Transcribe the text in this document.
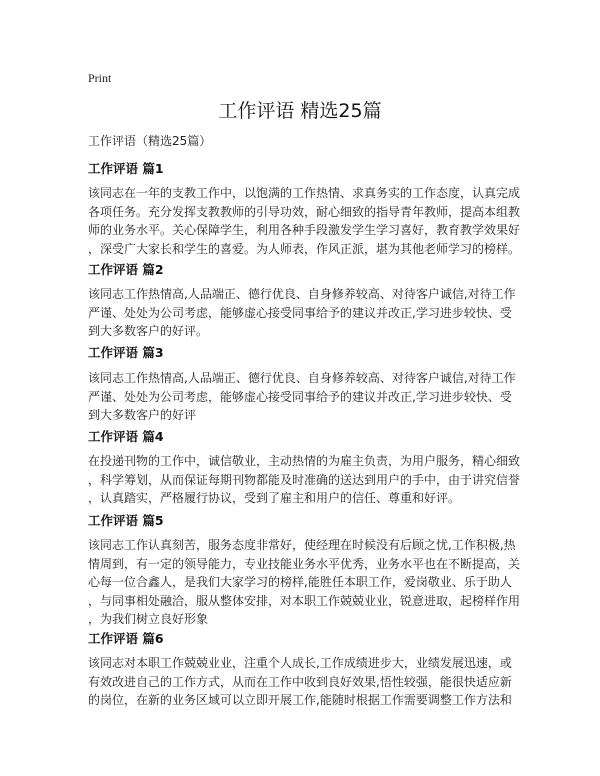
Print
工作评语 精选25篇
工作评语（精选25篇）
工作评语 篇1
该同志在一年的支教工作中，以饱满的工作热情、求真务实的工作态度，认真完成
各项任务。充分发挥支教教师的引导功效，耐心细致的指导青年教师，提高本组教
师的业务水平。关心保障学生，利用各种手段激发学生学习喜好，教育教学效果好
，深受广大家长和学生的喜爱。为人师表，作风正派，堪为其他老师学习的榜样。
工作评语 篇2
该同志工作热情高,人品端正、德行优良、自身修养较高、对待客户诚信,对待工作
严谨、处处为公司考虑，能够虚心接受同事给予的建议并改正,学习进步较快、受
到大多数客户的好评。
工作评语 篇3
该同志工作热情高,人品端正、德行优良、自身修养较高、对待客户诚信,对待工作
严谨、处处为公司考虑，能够虚心接受同事给予的建议并改正,学习进步较快、受
到大多数客户的好评
工作评语 篇4
在投递刊物的工作中，诚信敬业，主动热情的为雇主负责，为用户服务，精心细致
，科学筹划，从而保证每期刊物都能及时准确的送达到用户的手中，由于讲究信誉
，认真踏实，严格履行协议，受到了雇主和用户的信任、尊重和好评。
工作评语 篇5
该同志工作认真刻苦，服务态度非常好，使经理在时候没有后顾之忧,工作积极,热
情周到，有一定的领导能力，专业技能业务水平优秀，业务水平也在不断提高，关
心每一位合鑫人，是我们大家学习的榜样,能胜任本职工作，爱岗敬业、乐于助人
，与同事相处融洽，服从整体安排，对本职工作兢兢业业，锐意进取，起榜样作用
，为我们树立良好形象
工作评语 篇6
该同志对本职工作兢兢业业，注重个人成长,工作成绩进步大，业绩发展迅速，或
有效改进自己的工作方式，从而在工作中收到良好效果,悟性较强，能很快适应新
的岗位，在新的业务区域可以立即开展工作,能随时根据工作需要调整工作方法和
